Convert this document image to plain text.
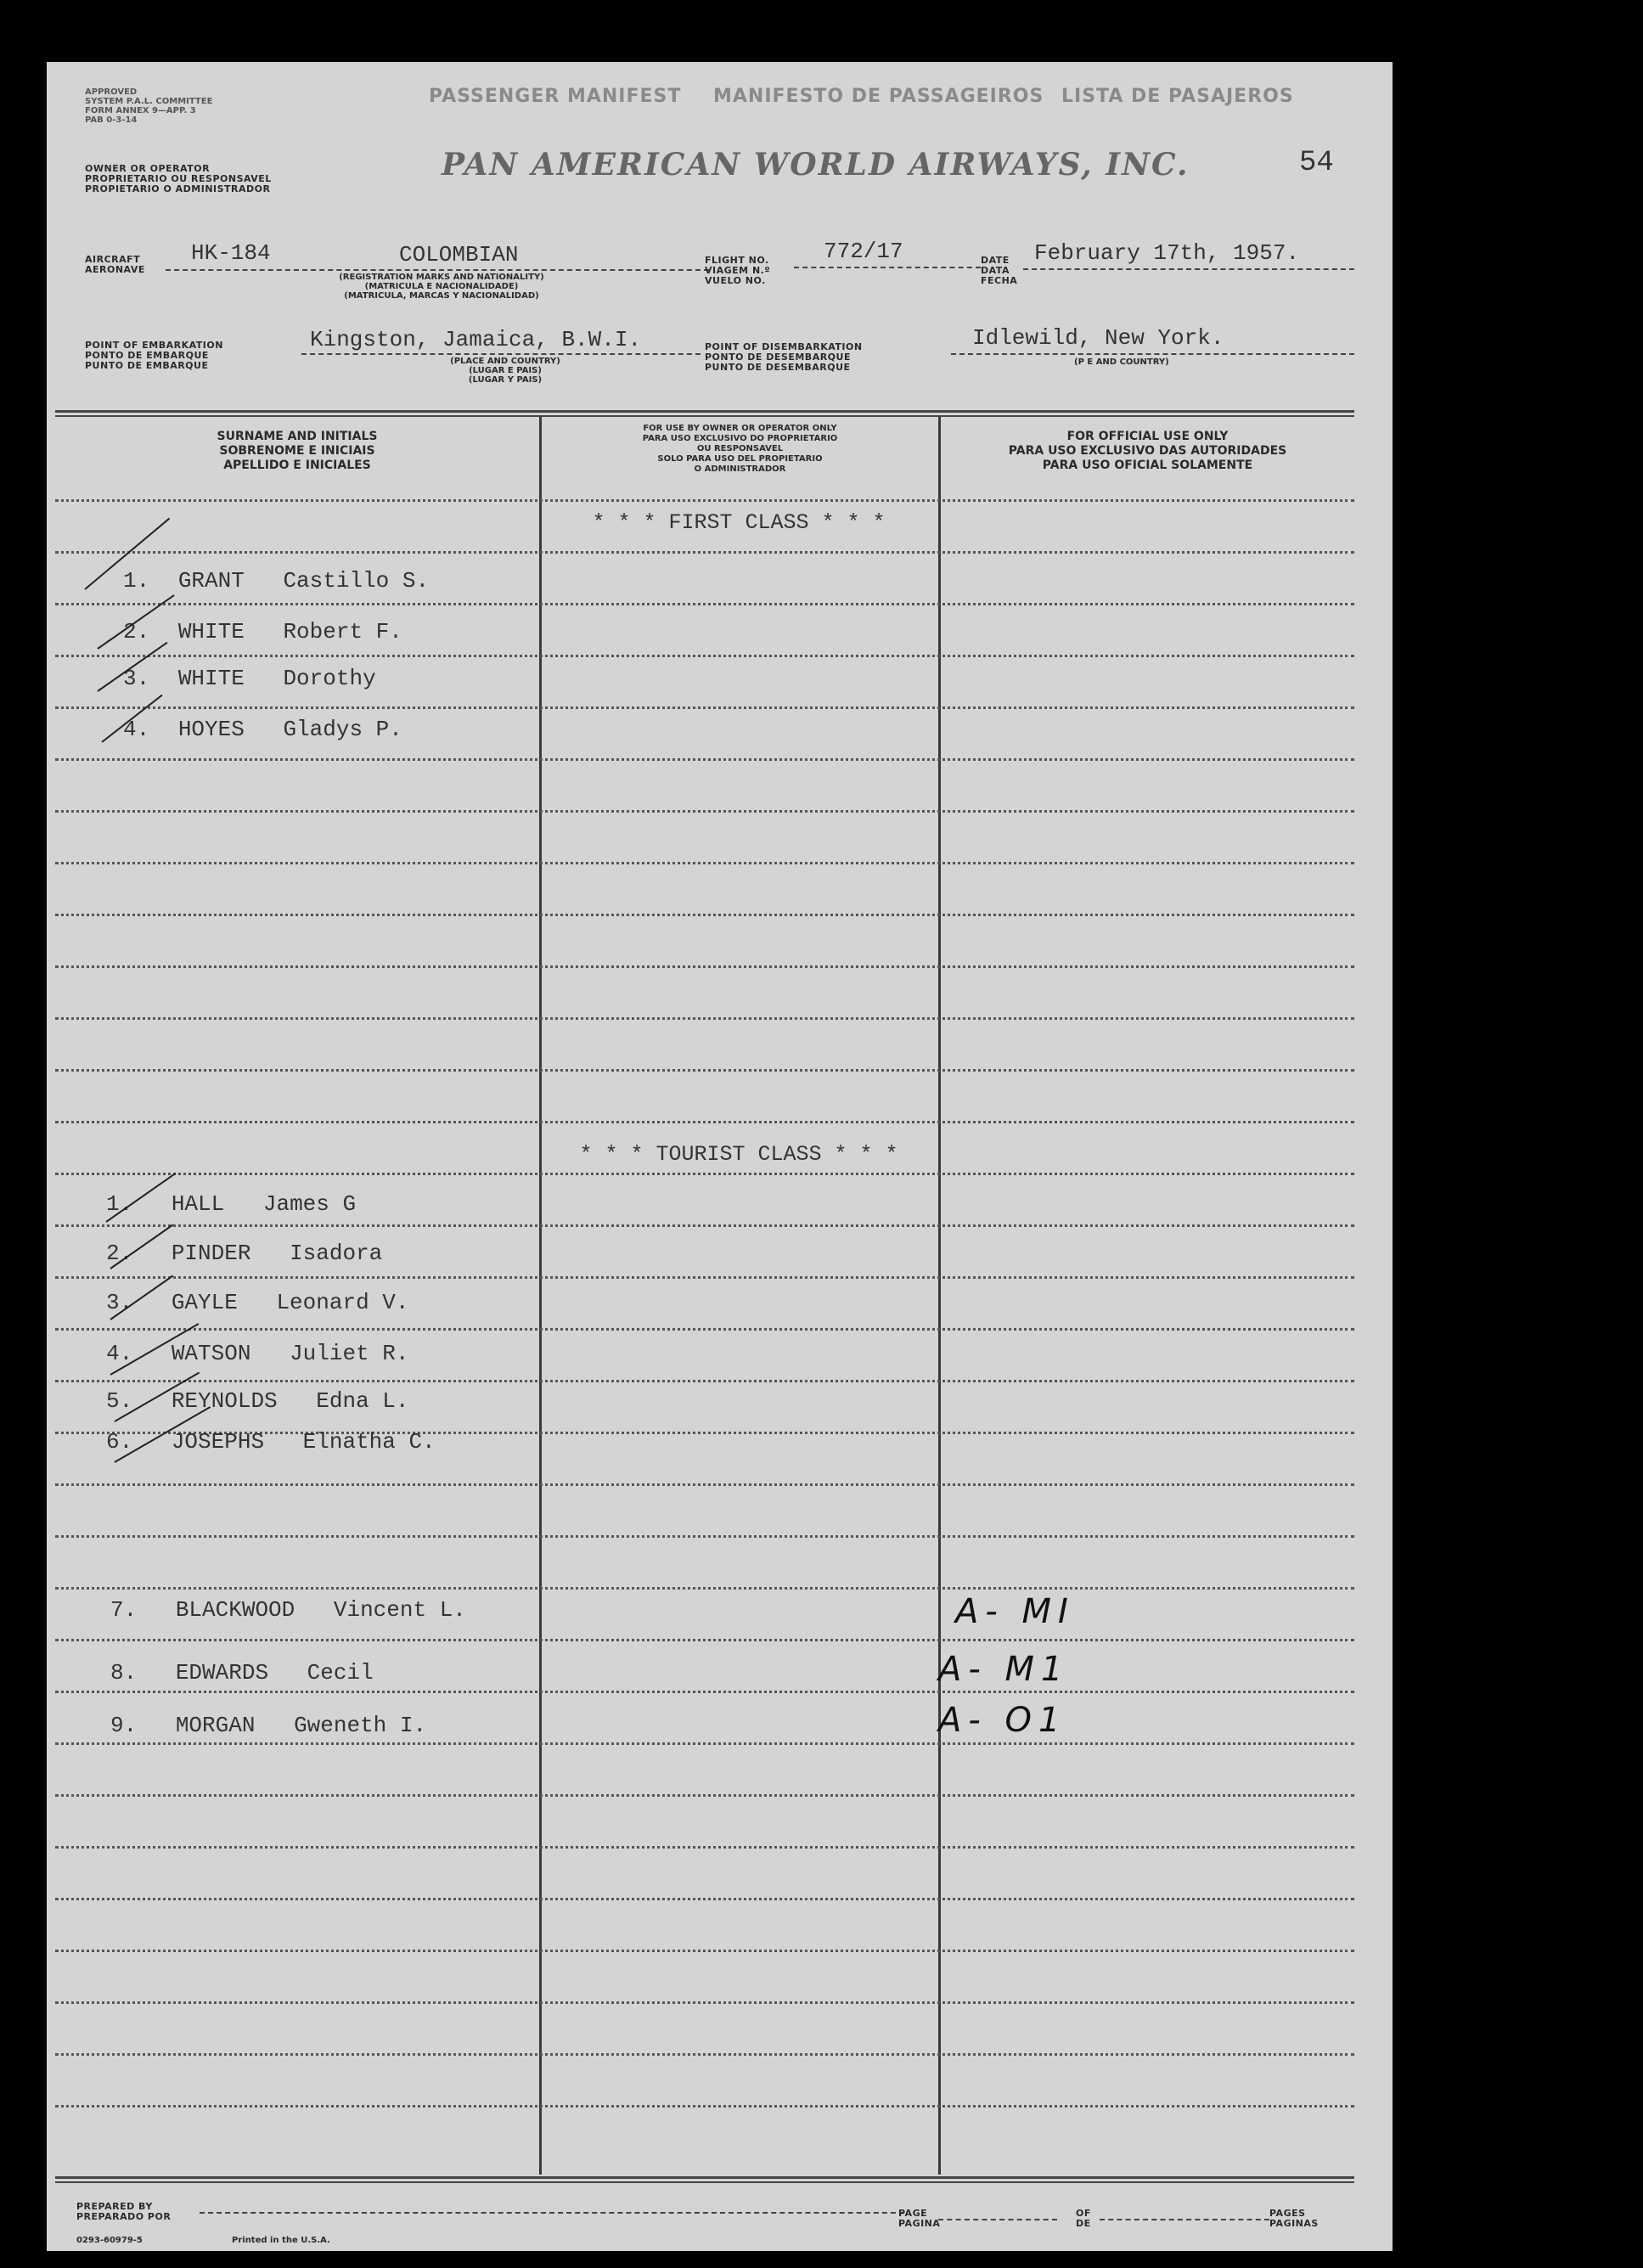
APPROVED
SYSTEM P.A.L. COMMITTEE
FORM ANNEX 9—APP. 3
PAB 0-3-14
OWNER OR OPERATOR
PROPRIETARIO OU RESPONSAVEL
PROPIETARIO O ADMINISTRADOR
PASSENGER MANIFEST MANIFESTO DE PASSAGEIROS LISTA DE PASAJEROS
PAN AMERICAN WORLD AIRWAYS, INC.	54
AIRCRAFT
AERONAVE
HK-184	COLOMBIAN
(REGISTRATION MARKS AND NATIONALITY)
(MATRICULA E NACIONALIDADE)
(MATRICULA, MARCAS Y NACIONALIDAD)
FLIGHT NO.
VIAGEM N.º
VUELO NO.
772/17	DATE
DATA
FECHA
February 17th, 1957.
POINT OF EMBARKATION
PONTO DE EMBARQUE
PUNTO DE EMBARQUE
Kingston, Jamaica, B.W.I.
(PLACE AND COUNTRY)
(LUGAR E PAIS)
(LUGAR Y PAIS)
POINT OF DISEMBARKATION
PONTO DE DESEMBARQUE
PUNTO DE DESEMBARQUE
Idlewild, New York.
(P E AND COUNTRY)
SURNAME AND INITIALS
SOBRENOME E INICIAIS
APELLIDO E INICIALES
FOR USE BY OWNER OR OPERATOR ONLY
PARA USO EXCLUSIVO DO PROPRIETARIO
OU RESPONSAVEL
SOLO PARA USO DEL PROPIETARIO
O ADMINISTRADOR
FOR OFFICIAL USE ONLY
PARA USO EXCLUSIVO DAS AUTORIDADES
PARA USO OFICIAL SOLAMENTE
* * * FIRST CLASS * * *
1. GRANT Castillo S.
2. WHITE Robert F.
3. WHITE Dorothy
4. HOYES Gladys P.
* * * TOURIST CLASS * * *
1. HALL James G
2. PINDER Isadora
3. GAYLE Leonard V.
4. WATSON Juliet R.
5. REYNOLDS Edna L.
6. JOSEPHS Elnatha C.
7. BLACKWOOD Vincent L.	A- MI
8. EDWARDS Cecil	A- M1
9. MORGAN Gweneth I.	A- O1
PREPARED BY
PREPARADO POR
0293-60979-5	Printed in the U.S.A.
PAGE
PAGINA
OF
DE
PAGES
PAGINAS
